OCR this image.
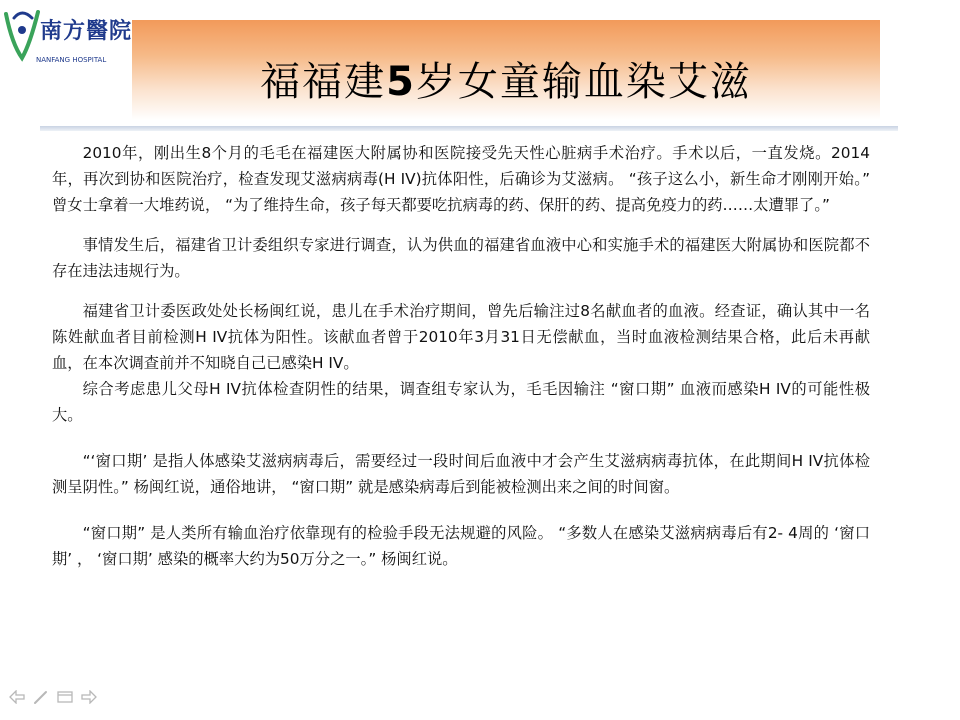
南方醫院
NANFANG HOSPITAL	福福建5岁女童输血染艾滋

2010年，刚出生8个月的毛毛在福建医大附属协和医院接受先天性心脏病手术治疗。手术以后，一直发烧。2014年，再次到协和医院治疗，检查发现艾滋病病毒(H IV)抗体阳性，后确诊为艾滋病。 “孩子这么小，新生命才刚刚开始。” 曾女士拿着一大堆药说， “为了维持生命，孩子每天都要吃抗病毒的药、保肝的药、提高免疫力的药……太遭罪了。”

事情发生后，福建省卫计委组织专家进行调查，认为供血的福建省血液中心和实施手术的福建医大附属协和医院都不存在违法违规行为。

福建省卫计委医政处处长杨闽红说，患儿在手术治疗期间，曾先后输注过8名献血者的血液。经查证，确认其中一名陈姓献血者目前检测H IV抗体为阳性。该献血者曾于2010年3月31日无偿献血，当时血液检测结果合格，此后未再献血，在本次调查前并不知晓自己已感染H IV。

综合考虑患儿父母H IV抗体检查阴性的结果，调查组专家认为，毛毛因输注 “窗口期” 血液而感染H IV的可能性极大。

“‘窗口期’ 是指人体感染艾滋病病毒后，需要经过一段时间后血液中才会产生艾滋病病毒抗体，在此期间H IV抗体检测呈阴性。” 杨闽红说，通俗地讲， “窗口期” 就是感染病毒后到能被检测出来之间的时间窗。

“窗口期” 是人类所有输血治疗依靠现有的检验手段无法规避的风险。 “多数人在感染艾滋病病毒后有2- 4周的 ‘窗口期’ ， ‘窗口期’ 感染的概率大约为50万分之一。” 杨闽红说。
